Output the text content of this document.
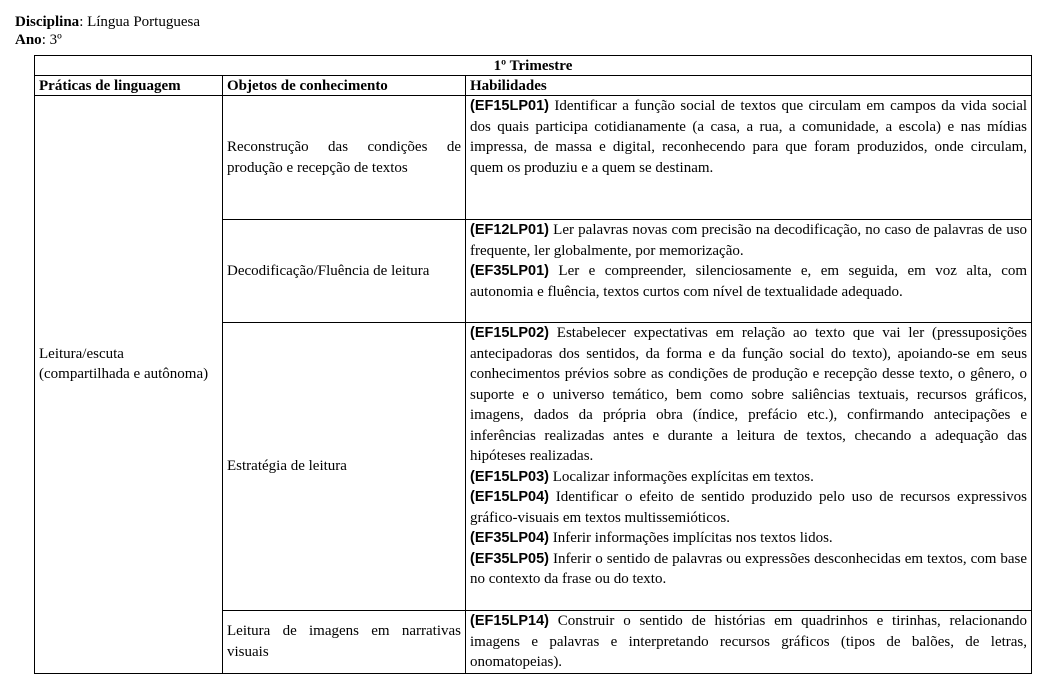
Disciplina: Língua Portuguesa
Ano: 3º
1º Trimestre		
Práticas de linguagem	Objetos de conhecimento	Habilidades
Leitura/escuta (compartilhada e autônoma)	Reconstrução das condições de produção e recepção de textos	(EF15LP01) Identificar a função social de textos que circulam em campos da vida social dos quais participa cotidianamente (a casa, a rua, a comunidade, a escola) e nas mídias impressa, de massa e digital, reconhecendo para que foram produzidos, onde circulam, quem os produziu e a quem se destinam.

	Decodificação/Fluência de leitura	(EF12LP01) Ler palavras novas com precisão na decodificação, no caso de palavras de uso frequente, ler globalmente, por memorização.
(EF35LP01) Ler e compreender, silenciosamente e, em seguida, em voz alta, com autonomia e fluência, textos curtos com nível de textualidade adequado.

	Estratégia de leitura	(EF15LP02) Estabelecer expectativas em relação ao texto que vai ler (pressuposições antecipadoras dos sentidos, da forma e da função social do texto), apoiando-se em seus conhecimentos prévios sobre as condições de produção e recepção desse texto, o gênero, o suporte e o universo temático, bem como sobre saliências textuais, recursos gráficos, imagens, dados da própria obra (índice, prefácio etc.), confirmando antecipações e inferências realizadas antes e durante a leitura de textos, checando a adequação das hipóteses realizadas.
(EF15LP03) Localizar informações explícitas em textos.
(EF15LP04) Identificar o efeito de sentido produzido pelo uso de recursos expressivos gráfico-visuais em textos multissemióticos.
(EF35LP04) Inferir informações implícitas nos textos lidos.
(EF35LP05) Inferir o sentido de palavras ou expressões desconhecidas em textos, com base no contexto da frase ou do texto.

	Leitura de imagens em narrativas visuais	(EF15LP14) Construir o sentido de histórias em quadrinhos e tirinhas, relacionando imagens e palavras e interpretando recursos gráficos (tipos de balões, de letras, onomatopeias).
